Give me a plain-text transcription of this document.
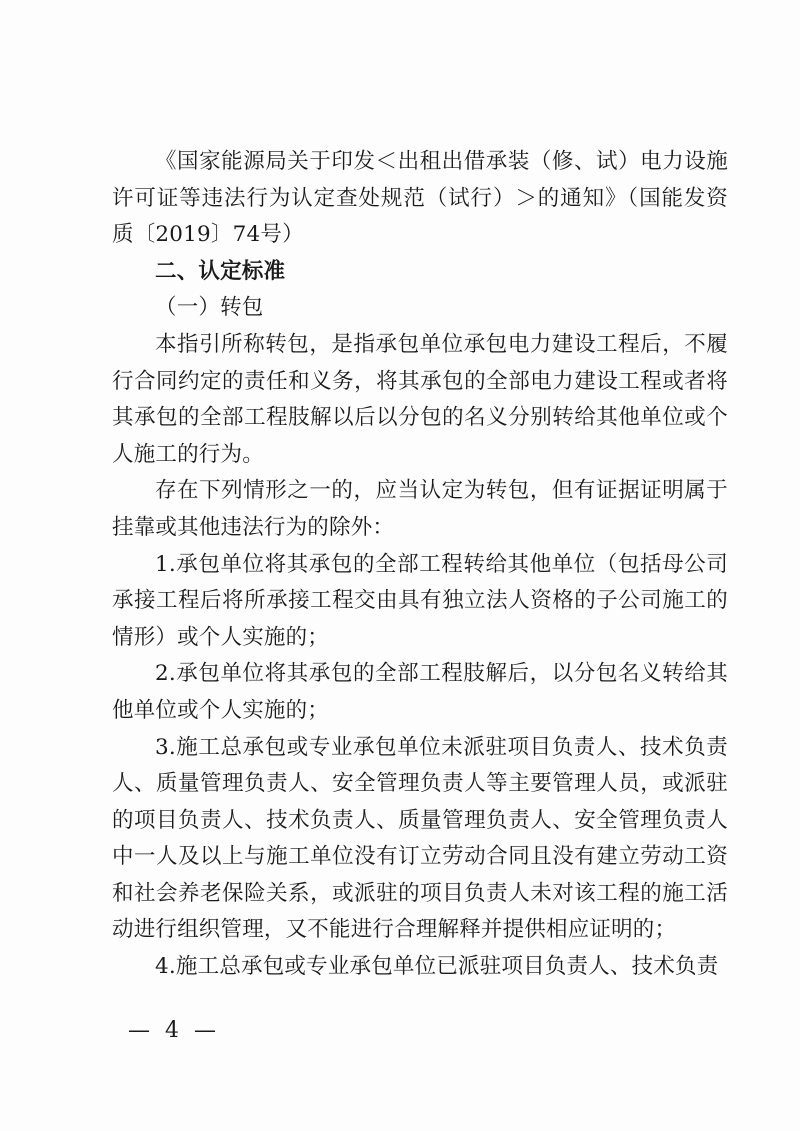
《国家能源局关于印发＜出租出借承装（修、试）电力设施许可证等违法行为认定查处规范（试行）＞的通知》（国能发资质〔2019〕74号）

二、认定标准

（一）转包

本指引所称转包，是指承包单位承包电力建设工程后，不履行合同约定的责任和义务，将其承包的全部电力建设工程或者将其承包的全部工程肢解以后以分包的名义分别转给其他单位或个人施工的行为。

存在下列情形之一的，应当认定为转包，但有证据证明属于挂靠或其他违法行为的除外：

1.承包单位将其承包的全部工程转给其他单位（包括母公司承接工程后将所承接工程交由具有独立法人资格的子公司施工的情形）或个人实施的；

2.承包单位将其承包的全部工程肢解后，以分包名义转给其他单位或个人实施的；

3.施工总承包或专业承包单位未派驻项目负责人、技术负责人、质量管理负责人、安全管理负责人等主要管理人员，或派驻的项目负责人、技术负责人、质量管理负责人、安全管理负责人中一人及以上与施工单位没有订立劳动合同且没有建立劳动工资和社会养老保险关系，或派驻的项目负责人未对该工程的施工活动进行组织管理，又不能进行合理解释并提供相应证明的；

4.施工总承包或专业承包单位已派驻项目负责人、技术负责

— 4 —
